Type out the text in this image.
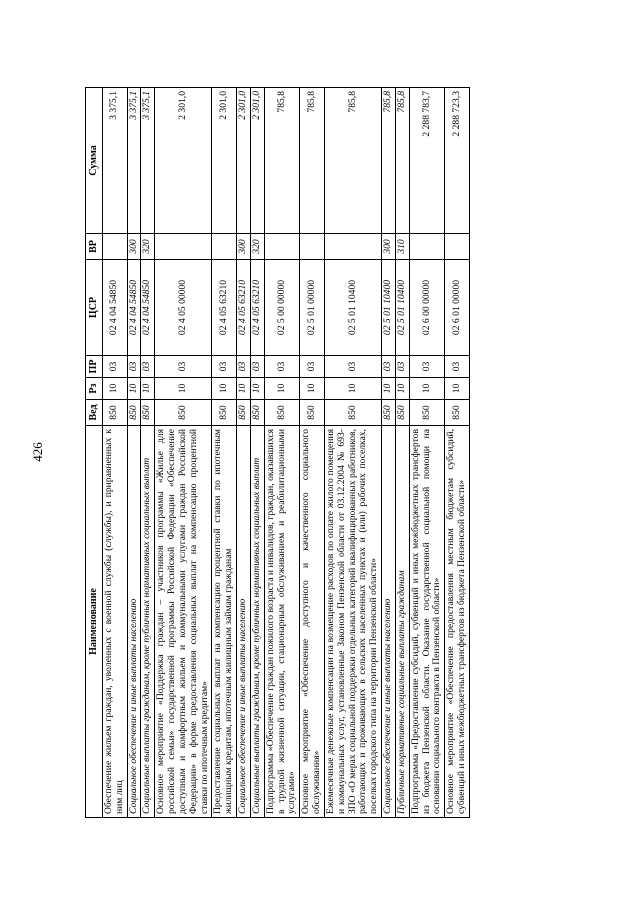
426
Наименование	Вед	Рз	ПР	ЦСР	ВР	Сумма
Обеспечение жильем граждан, уволенных с военной службы (службы), и приравненных к ним лиц	850	10	03	02 4 04 54850		3 375,1
Социальное обеспечение и иные выплаты населению	850	10	03	02 4 04 54850	300	3 375,1
Социальные выплаты гражданам, кроме публичных нормативных социальных выплат	850	10	03	02 4 04 54850	320	3 375,1
Основное мероприятие «Поддержка граждан – участников программы «Жилье для российской семьи» государственной программы Российской Федерации «Обеспечение доступным и комфортным жильем и коммунальными услугами граждан Российской Федерации» в форме предоставления социальных выплат на компенсацию процентной ставки по ипотечным кредитам»	850	10	03	02 4 05 00000		2 301,0
Предоставление социальных выплат на компенсацию процентной ставки по ипотечным жилищным кредитам, ипотечным жилищным займам гражданам	850	10	03	02 4 05 63210		2 301,0
Социальное обеспечение и иные выплаты населению	850	10	03	02 4 05 63210	300	2 301,0
Социальные выплаты гражданам, кроме публичных нормативных социальных выплат	850	10	03	02 4 05 63210	320	2 301,0
Подпрограмма «Обеспечение граждан пожилого возраста и инвалидов, граждан, оказавшихся в трудной жизненной ситуации, стационарным обслуживанием и реабилитационными услугами»	850	10	03	02 5 00 00000		785,8
Основное мероприятие «Обеспечение доступного и качественного социального обслуживания»	850	10	03	02 5 01 00000		785,8
Ежемесячные денежные компенсации на возмещение расходов по оплате жилого помещения и коммунальных услуг, установленные Законом Пензенской области от 03.12.2004 № 693-ЗПО «О мерах социальной поддержки отдельных категорий квалифицированных работников, работающих и проживающих в сельских населенных пунктах и (или) рабочих поселках, поселках городского типа на территории Пензенской области»	850	10	03	02 5 01 10400		785,8
Социальное обеспечение и иные выплаты населению	850	10	03	02 5 01 10400	300	785,8
Публичные нормативные социальные выплаты гражданам	850	10	03	02 5 01 10400	310	785,8
Подпрограмма «Предоставление субсидий, субвенций и иных межбюджетных трансфертов из бюджета Пензенской области. Оказание государственной социальной помощи на основании социального контракта в Пензенской области»	850	10	03	02 6 00 00000		2 288 783,7
Основное мероприятие «Обеспечение предоставления местным бюджетам субсидий, субвенций и иных межбюджетных трансфертов из бюджета Пензенской области»	850	10	03	02 6 01 00000		2 288 723,3
